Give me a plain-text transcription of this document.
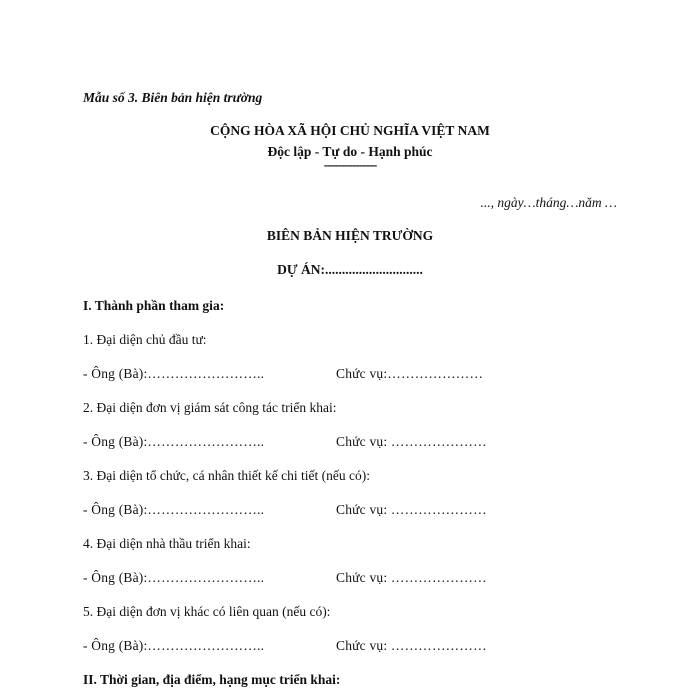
Mẫu số 3. Biên bản hiện trường
CỘNG HÒA XÃ HỘI CHỦ NGHĨA VIỆT NAM
Độc lập - Tự do - Hạnh phúc
---------------
..., ngày…tháng…năm …
BIÊN BẢN HIỆN TRƯỜNG
DỰ ÁN:.............................
I. Thành phần tham gia:
1. Đại diện chủ đầu tư:
- Ông (Bà):……………………..	Chức vụ:…………………
2. Đại diện đơn vị giám sát công tác triển khai:
- Ông (Bà):……………………..	Chức vụ: …………………
3. Đại diện tổ chức, cá nhân thiết kế chi tiết (nếu có):
- Ông (Bà):……………………..	Chức vụ: …………………
4. Đại diện nhà thầu triển khai:
- Ông (Bà):……………………..	Chức vụ: …………………
5. Đại diện đơn vị khác có liên quan (nếu có):
- Ông (Bà):……………………..	Chức vụ: …………………
II. Thời gian, địa điểm, hạng mục triển khai:
